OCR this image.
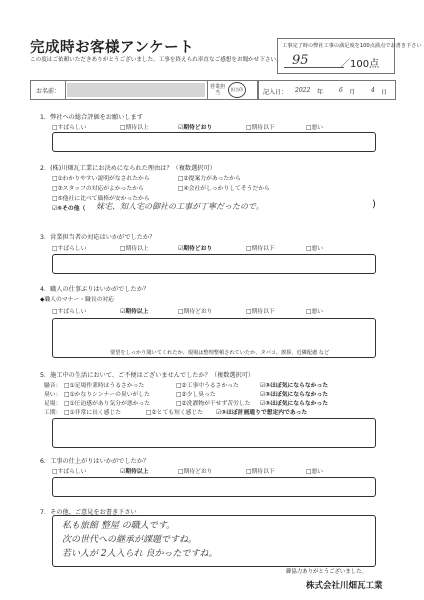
完成時お客様アンケート
この度はご依頼いただきありがとうございました。工事を終えられ率直なご感想をお聞かせ下さい。
工事完了時の弊社工事の満足度を100点満点でお書き下さい
95	／100点
お名前：
営業担当
担当印	記入日： 2022 年	6 月	4 日
1．弊社への総合評価をお願いします
□すばらしい	□期待以上	☑期待どおり	□期待以下	□悪い
2．(株)川畑瓦工業にお決めになられた理由は？（複数選択可）
□①わかりやすい説明がなされたから	□②提案力があったから
□③スタッフの対応がよかったから	□④会社がしっかりしてそうだから
□⑤他社に比べて価格が安かったから
☑⑥その他（ 妹宅、知人宅の御社の工事が丁寧だったので。	)
3．営業担当者の対応はいかがでしたか？
□すばらしい	□期待以上	☑期待どおり	□期待以下	□悪い
4．職人の仕事ぶりはいかがでしたか？
◆職人のマナー・職長の対応
□すばらしい	☑期待以上	□期待どおり	□期待以下	□悪い
要望をしっかり聞いてくれたか、現場は整理整頓されていたか、タバコ、挨拶、近隣配慮 など
5．施工中の生活において、ご不便はございませんでしたか？（複数選択可）
騒音： □①足場作業時はうるさかった	□②工事中うるさかった	☑③ほぼ気にならなかった
臭い： □①かなりシンナーの臭いがした	□②少し臭った	☑③ほぼ気にならなかった
足場： □①圧迫感があり気分が悪かった	□②洗濯物が干せず苦労した ☑③ほぼ気にならなかった
工期： □①非常に長く感じた	□②とても短く感じた ☑③ほぼ計画通りで想定内であった
6．工事の仕上がりはいかがでしたか？
□すばらしい	☑期待以上	□期待どおり	□期待以下	□悪い
7．その他、ご意見をお書き下さい
私も旅館 整屋 の職人です。
次の世代への継承が課題ですね。
若い人が 2人入られ 良かったですね。
御協力ありがとうございました。
株式会社川畑瓦工業
